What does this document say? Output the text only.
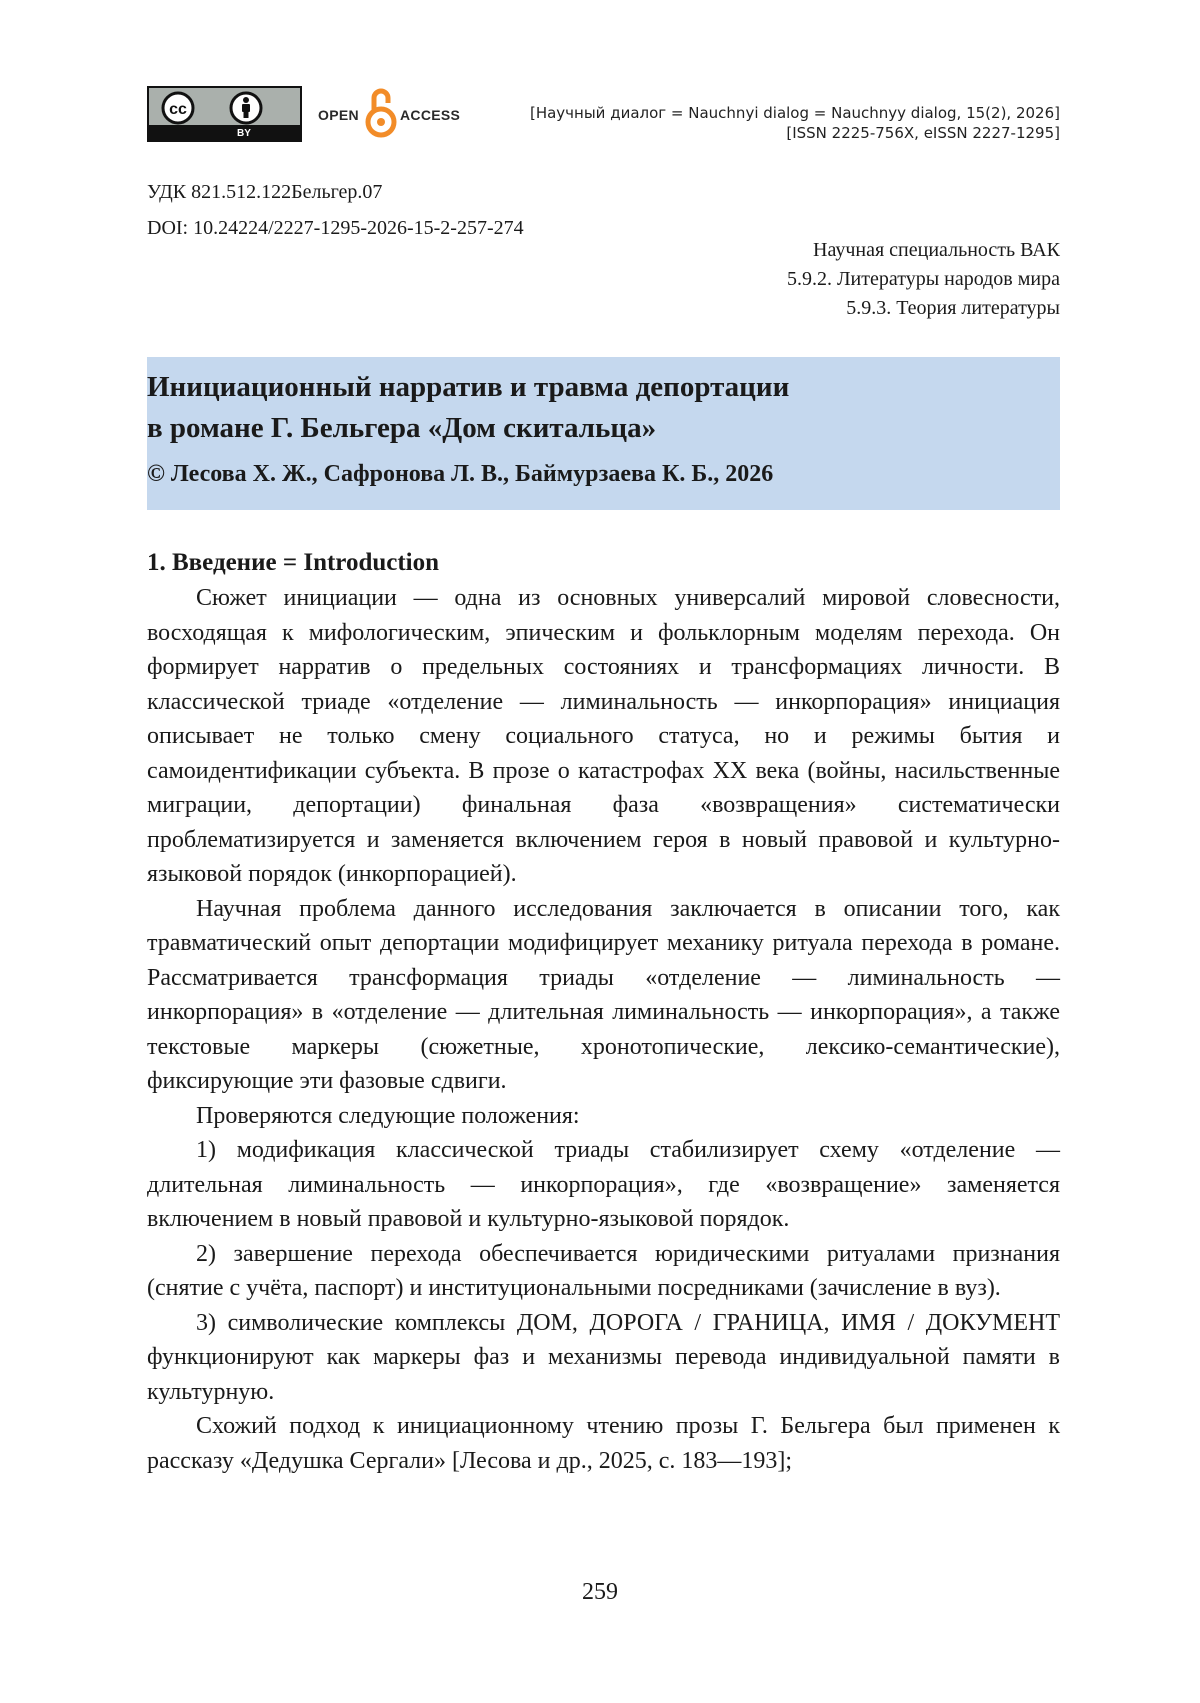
cc
BY
OPEN	ACCESS	[Научный диалог = Nauchnyi dialog = Nauchnyy dialog, 15(2), 2026]
[ISSN 2225-756X, eISSN 2227-1295]
УДК 821.512.122Бельгер.07
DOI: 10.24224/2227-1295-2026-15-2-257-274
Научная специальность ВАК
5.9.2. Литературы народов мира
5.9.3. Теория литературы
Инициационный нарратив и травма депортации
в романе Г. Бельгера «Дом скитальца»
© Лесова Х. Ж., Сафронова Л. В., Баймурзаева К. Б., 2026
1. Введение = Introduction

Сюжет инициации — одна из основных универсалий мировой словесности, восходящая к мифологическим, эпическим и фольклорным моделям перехода. Он формирует нарратив о предельных состояниях и трансформациях личности. В классической триаде «отделение — лиминальность — инкорпорация» инициация описывает не только смену социального статуса, но и режимы бытия и самоидентификации субъекта. В прозе о катастрофах XX века (войны, насильственные миграции, депортации) финальная фаза «возвращения» систематически проблематизируется и заменяется включением героя в новый правовой и культурно-языковой порядок (инкорпорацией).

Научная проблема данного исследования заключается в описании того, как травматический опыт депортации модифицирует механику ритуала перехода в романе. Рассматривается трансформация триады «отделение — лиминальность — инкорпорация» в «отделение — длительная лиминальность — инкорпорация», а также текстовые маркеры (сюжетные, хронотопические, лексико-семантические), фиксирующие эти фазовые сдвиги.

Проверяются следующие положения:

1) модификация классической триады стабилизирует схему «отделение — длительная лиминальность — инкорпорация», где «возвращение» заменяется включением в новый правовой и культурно-языковой порядок.

2) завершение перехода обеспечивается юридическими ритуалами признания (снятие с учёта, паспорт) и институциональными посредниками (зачисление в вуз).

3) символические комплексы ДОМ, ДОРОГА / ГРАНИЦА, ИМЯ / ДОКУМЕНТ функционируют как маркеры фаз и механизмы перевода индивидуальной памяти в культурную.

Схожий подход к инициационному чтению прозы Г. Бельгера был применен к рассказу «Дедушка Сергали» [Лесова и др., 2025, с. 183—193];

259
